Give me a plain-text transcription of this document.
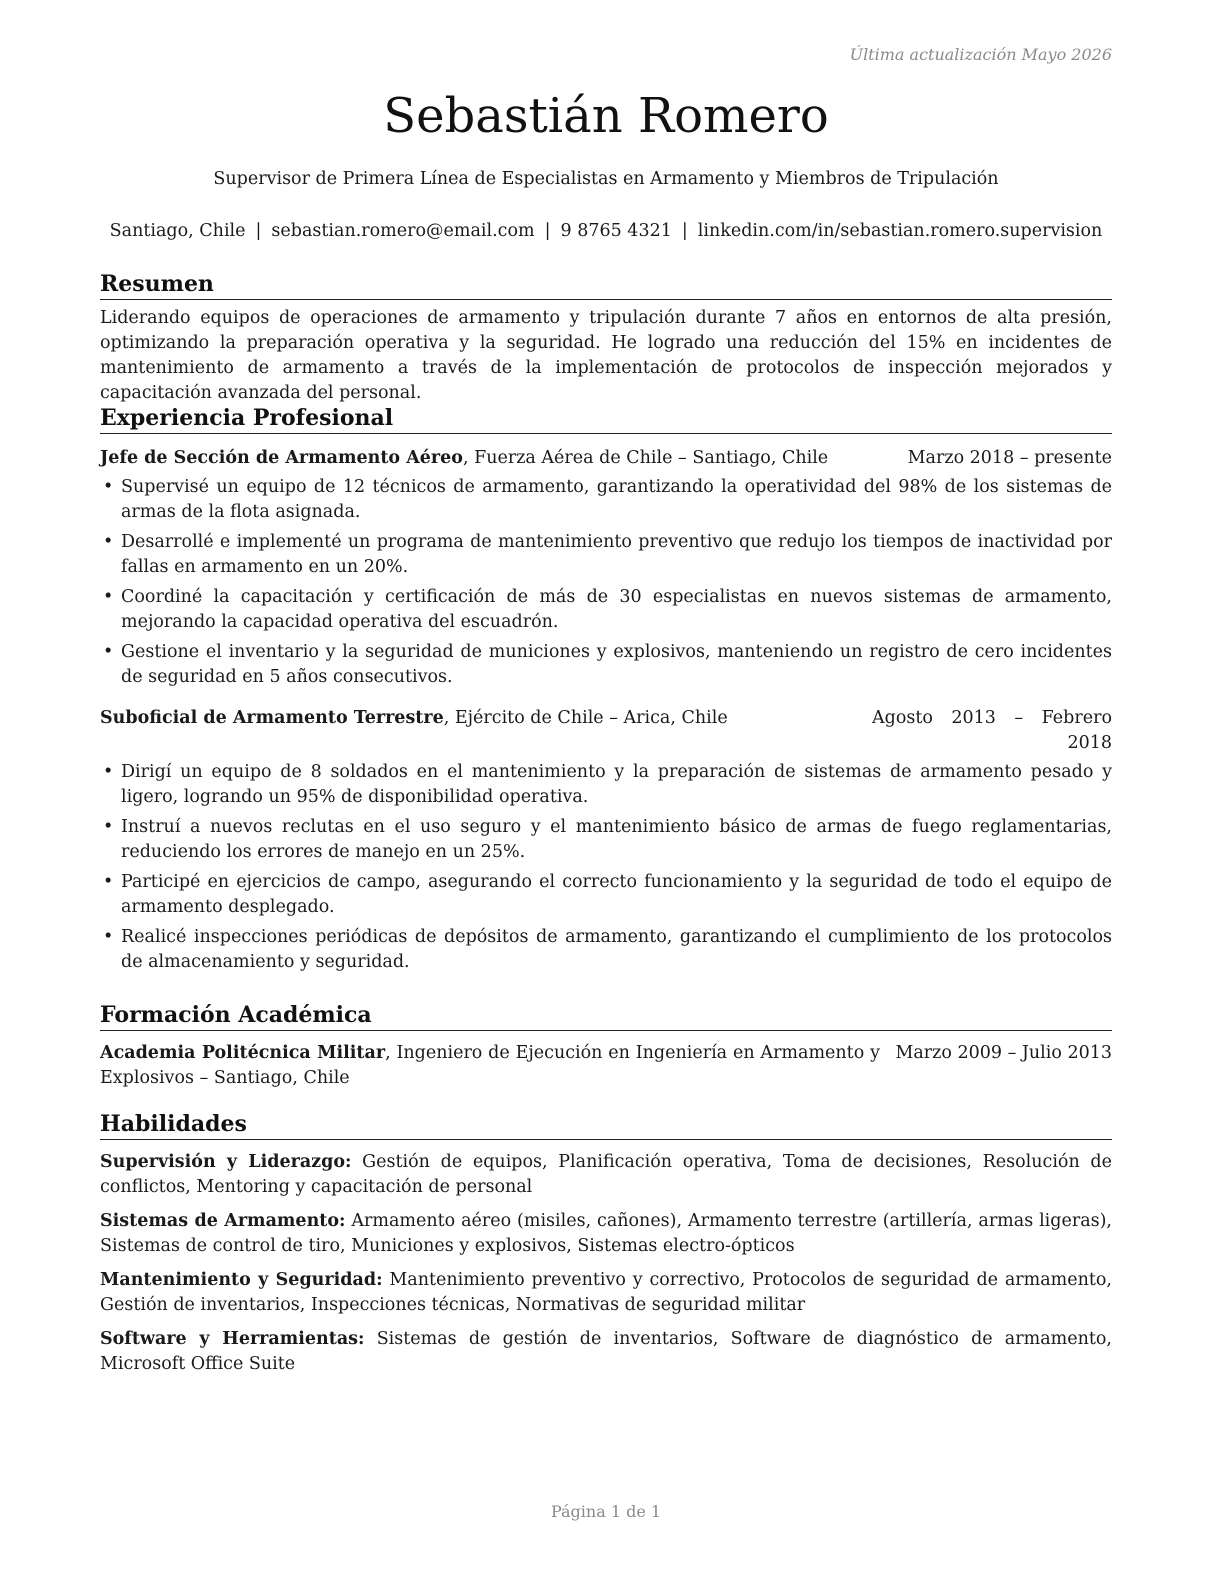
Última actualización Mayo 2026
Sebastián Romero
Supervisor de Primera Línea de Especialistas en Armamento y Miembros de Tripulación
Santiago, Chile | sebastian.romero@email.com | 9 8765 4321 | linkedin.com/in/sebastian.romero.supervision
Resumen

Liderando equipos de operaciones de armamento y tripulación durante 7 años en entornos de alta presión, optimizando la preparación operativa y la seguridad. He logrado una reducción del 15% en incidentes de mantenimiento de armamento a través de la implementación de protocolos de inspección mejorados y capacitación avanzada del personal.

Experiencia Profesional
Jefe de Sección de Armamento Aéreo, Fuerza Aérea de Chile – Santiago, Chile	Marzo 2018 – presente
• Supervisé un equipo de 12 técnicos de armamento, garantizando la operatividad del 98% de los sistemas de armas de la flota asignada.
• Desarrollé e implementé un programa de mantenimiento preventivo que redujo los tiempos de inactividad por fallas en armamento en un 20%.
• Coordiné la capacitación y certificación de más de 30 especialistas en nuevos sistemas de armamento, mejorando la capacidad operativa del escuadrón.
• Gestione el inventario y la seguridad de municiones y explosivos, manteniendo un registro de cero incidentes de seguridad en 5 años consecutivos.
Suboficial de Armamento Terrestre, Ejército de Chile – Arica, Chile	Agosto 2013 – Febrero 2018
• Dirigí un equipo de 8 soldados en el mantenimiento y la preparación de sistemas de armamento pesado y ligero, logrando un 95% de disponibilidad operativa.
• Instruí a nuevos reclutas en el uso seguro y el mantenimiento básico de armas de fuego reglamentarias, reduciendo los errores de manejo en un 25%.
• Participé en ejercicios de campo, asegurando el correcto funcionamiento y la seguridad de todo el equipo de armamento desplegado.
• Realicé inspecciones periódicas de depósitos de armamento, garantizando el cumplimiento de los protocolos de almacenamiento y seguridad.
Formación Académica
Academia Politécnica Militar, Ingeniero de Ejecución en Ingeniería en Armamento y Explosivos – Santiago, Chile
Marzo 2009 – Julio 2013
Habilidades

Supervisión y Liderazgo: Gestión de equipos, Planificación operativa, Toma de decisiones, Resolución de conflictos, Mentoring y capacitación de personal

Sistemas de Armamento: Armamento aéreo (misiles, cañones), Armamento terrestre (artillería, armas ligeras), Sistemas de control de tiro, Municiones y explosivos, Sistemas electro-ópticos

Mantenimiento y Seguridad: Mantenimiento preventivo y correctivo, Protocolos de seguridad de armamento, Gestión de inventarios, Inspecciones técnicas, Normativas de seguridad militar

Software y Herramientas: Sistemas de gestión de inventarios, Software de diagnóstico de armamento, Microsoft Office Suite

Página 1 de 1
